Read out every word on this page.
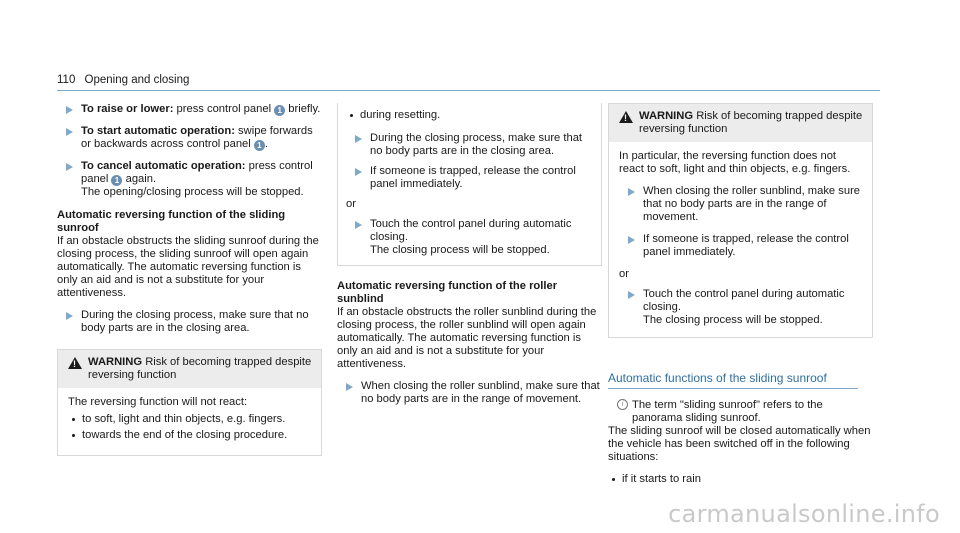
110 Opening and closing
To raise or lower: press control panel 1 briefly.
To start automatic operation: swipe forwards or backwards across control panel 1 .
To cancel automatic operation: press control panel 1 again.
The opening/closing process will be stopped.
Automatic reversing function of the sliding sunroof

If an obstacle obstructs the sliding sunroof during the closing process, the sliding sunroof will open again automatically. The automatic reversing function is only an aid and is not a substitute for your attentiveness.

During the closing process, make sure that no body parts are in the closing area.
!
WARNING Risk of becoming trapped despite reversing function
The reversing function will not react:
to soft, light and thin objects, e.g. fingers.
towards the end of the closing procedure.
during resetting.
During the closing process, make sure that no body parts are in the closing area.
If someone is trapped, release the control panel immediately.
or
Touch the control panel during automatic closing.
The closing process will be stopped.
Automatic reversing function of the roller sunblind

If an obstacle obstructs the roller sunblind during the closing process, the roller sunblind will open again automatically. The automatic reversing function is only an aid and is not a substitute for your attentiveness.

When closing the roller sunblind, make sure that no body parts are in the range of movement.
!
WARNING Risk of becoming trapped despite reversing function

In particular, the reversing function does not react to soft, light and thin objects, e.g. fingers.

When closing the roller sunblind, make sure that no body parts are in the range of movement.
If someone is trapped, release the control panel immediately.
or
Touch the control panel during automatic closing.
The closing process will be stopped.
Automatic functions of the sliding sunroof
i The term "sliding sunroof" refers to the panorama sliding sunroof.

The sliding sunroof will be closed automatically when the vehicle has been switched off in the following situations:

if it starts to rain
carmanualsonline.info
